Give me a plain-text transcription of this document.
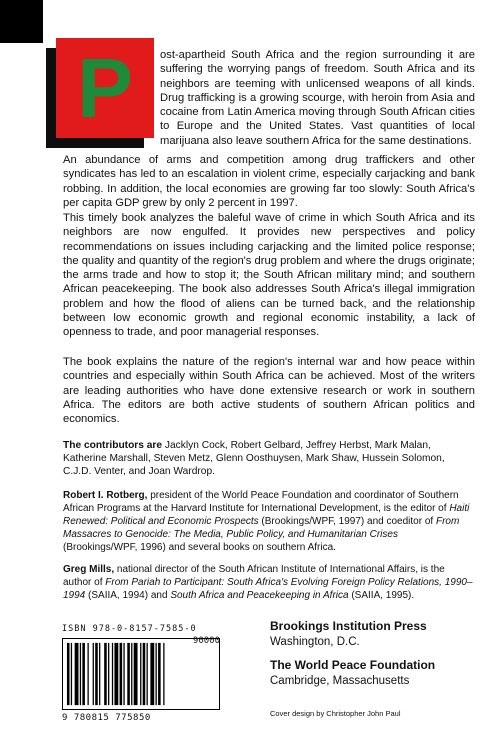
P	ost-apartheid South Africa and the region surrounding it are suffering the worrying pangs of freedom. South Africa and its neighbors are teeming with unlicensed weapons of all kinds. Drug trafficking is a growing scourge, with heroin from Asia and cocaine from Latin America moving through South African cities to Europe and the United States. Vast quantities of local marijuana also leave southern Africa for the same destinations.
An abundance of arms and competition among drug traffickers and other syndicates has led to an escalation in violent crime, especially carjacking and bank robbing. In addition, the local economies are growing far too slowly: South Africa's per capita GDP grew by only 2 percent in 1997.
This timely book analyzes the baleful wave of crime in which South Africa and its neighbors are now engulfed. It provides new perspectives and policy recommendations on issues including carjacking and the limited police response; the quality and quantity of the region's drug problem and where the drugs originate; the arms trade and how to stop it; the South African military mind; and southern African peacekeeping. The book also addresses South Africa's illegal immigration problem and how the flood of aliens can be turned back, and the relationship between low economic growth and regional economic instability, a lack of openness to trade, and poor managerial responses.
The book explains the nature of the region's internal war and how peace within countries and especially within South Africa can be achieved. Most of the writers are leading authorities who have done extensive research or work in southern Africa. The editors are both active students of southern African politics and economics.
The contributors are Jacklyn Cock, Robert Gelbard, Jeffrey Herbst, Mark Malan, Katherine Marshall, Steven Metz, Glenn Oosthuysen, Mark Shaw, Hussein Solomon, C.J.D. Venter, and Joan Wardrop.
Robert I. Rotberg, president of the World Peace Foundation and coordinator of Southern African Programs at the Harvard Institute for International Development, is the editor of Haiti Renewed: Political and Economic Prospects (Brookings/WPF, 1997) and coeditor of From Massacres to Genocide: The Media, Public Policy, and Humanitarian Crises (Brookings/WPF, 1996) and several books on southern Africa.
Greg Mills, national director of the South African Institute of International Affairs, is the author of From Pariah to Participant: South Africa's Evolving Foreign Policy Relations, 1990–1994 (SAIIA, 1994) and South Africa and Peacekeeping in Africa (SAIIA, 1995).
ISBN 978-0-8157-7585-0
90000
9 780815 775850
Brookings Institution Press
Washington, D.C.
The World Peace Foundation
Cambridge, Massachusetts
Cover design by Christopher John Paul
